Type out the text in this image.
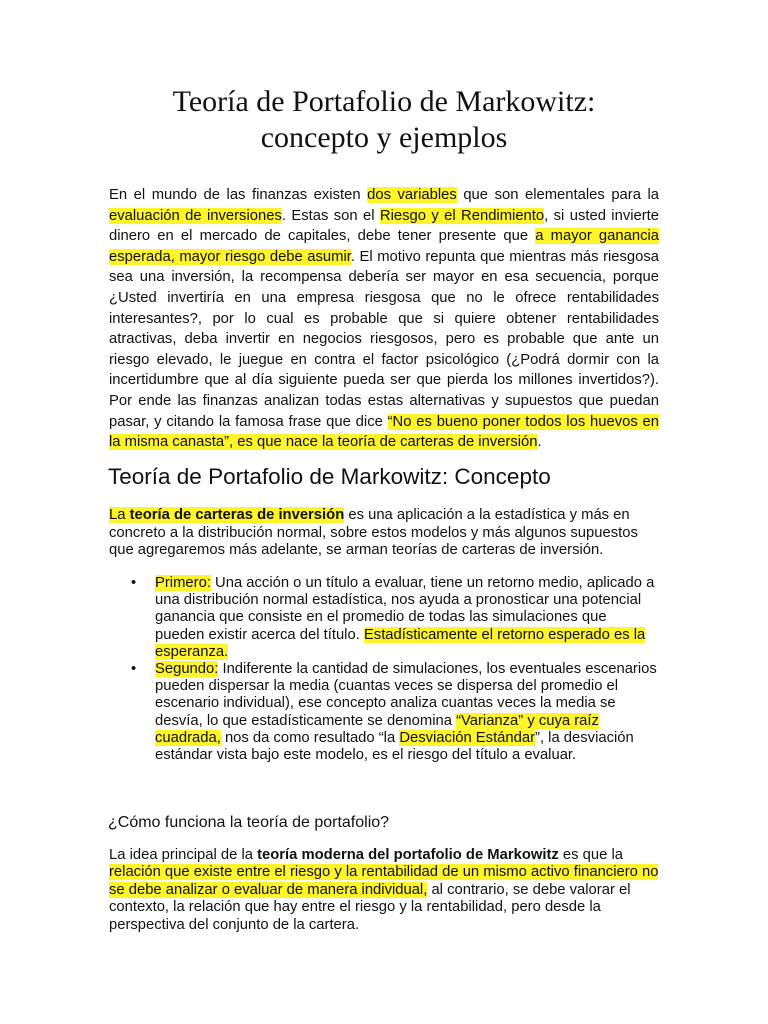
Teoría de Portafolio de Markowitz:
concepto y ejemplos

En el mundo de las finanzas existen dos variables que son elementales para la evaluación de inversiones. Estas son el Riesgo y el Rendimiento, si usted invierte dinero en el mercado de capitales, debe tener presente que a mayor ganancia esperada, mayor riesgo debe asumir. El motivo repunta que mientras más riesgosa sea una inversión, la recompensa debería ser mayor en esa secuencia, porque ¿Usted invertiría en una empresa riesgosa que no le ofrece rentabilidades interesantes?, por lo cual es probable que si quiere obtener rentabilidades atractivas, deba invertir en negocios riesgosos, pero es probable que ante un riesgo elevado, le juegue en contra el factor psicológico (¿Podrá dormir con la incertidumbre que al día siguiente pueda ser que pierda los millones invertidos?). Por ende las finanzas analizan todas estas alternativas y supuestos que puedan pasar, y citando la famosa frase que dice “No es bueno poner todos los huevos en la misma canasta”, es que nace la teoría de carteras de inversión.

Teoría de Portafolio de Markowitz: Concepto

La teoría de carteras de inversión es una aplicación a la estadística y más en concreto a la distribución normal, sobre estos modelos y más algunos supuestos que agregaremos más adelante, se arman teorías de carteras de inversión.

• Primero: Una acción o un título a evaluar, tiene un retorno medio, aplicado a una distribución normal estadística, nos ayuda a pronosticar una potencial ganancia que consiste en el promedio de todas las simulaciones que pueden existir acerca del título. Estadísticamente el retorno esperado es la esperanza.
• Segundo: Indiferente la cantidad de simulaciones, los eventuales escenarios pueden dispersar la media (cuantas veces se dispersa del promedio el escenario individual), ese concepto analiza cuantas veces la media se desvía, lo que estadísticamente se denomina “Varianza” y cuya raíz cuadrada, nos da como resultado “la Desviación Estándar”, la desviación estándar vista bajo este modelo, es el riesgo del título a evaluar.
¿Cómo funciona la teoría de portafolio?

La idea principal de la teoría moderna del portafolio de Markowitz es que la relación que existe entre el riesgo y la rentabilidad de un mismo activo financiero no se debe analizar o evaluar de manera individual, al contrario, se debe valorar el contexto, la relación que hay entre el riesgo y la rentabilidad, pero desde la perspectiva del conjunto de la cartera.
